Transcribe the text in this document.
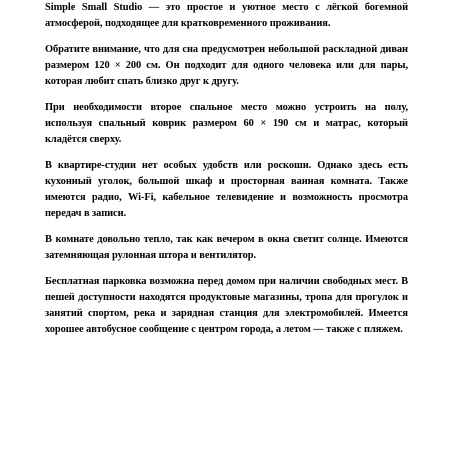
Simple Small Studio — это простое и уютное место с лёгкой богемной атмосферой, подходящее для кратковременного проживания.

Обратите внимание, что для сна предусмотрен небольшой раскладной диван размером 120 × 200 см. Он подходит для одного человека или для пары, которая любит спать близко друг к другу.

При необходимости второе спальное место можно устроить на полу, используя спальный коврик размером 60 × 190 см и матрас, который кладётся сверху.

В квартире-студии нет особых удобств или роскоши. Однако здесь есть кухонный уголок, большой шкаф и просторная ванная комната. Также имеются радио, Wi-Fi, кабельное телевидение и возможность просмотра передач в записи.

В комнате довольно тепло, так как вечером в окна светит солнце. Имеются затемняющая рулонная штора и вентилятор.

Бесплатная парковка возможна перед домом при наличии свободных мест. В пешей доступности находятся продуктовые магазины, тропа для прогулок и занятий спортом, река и зарядная станция для электромобилей. Имеется хорошее автобусное сообщение с центром города, а летом — также с пляжем.
